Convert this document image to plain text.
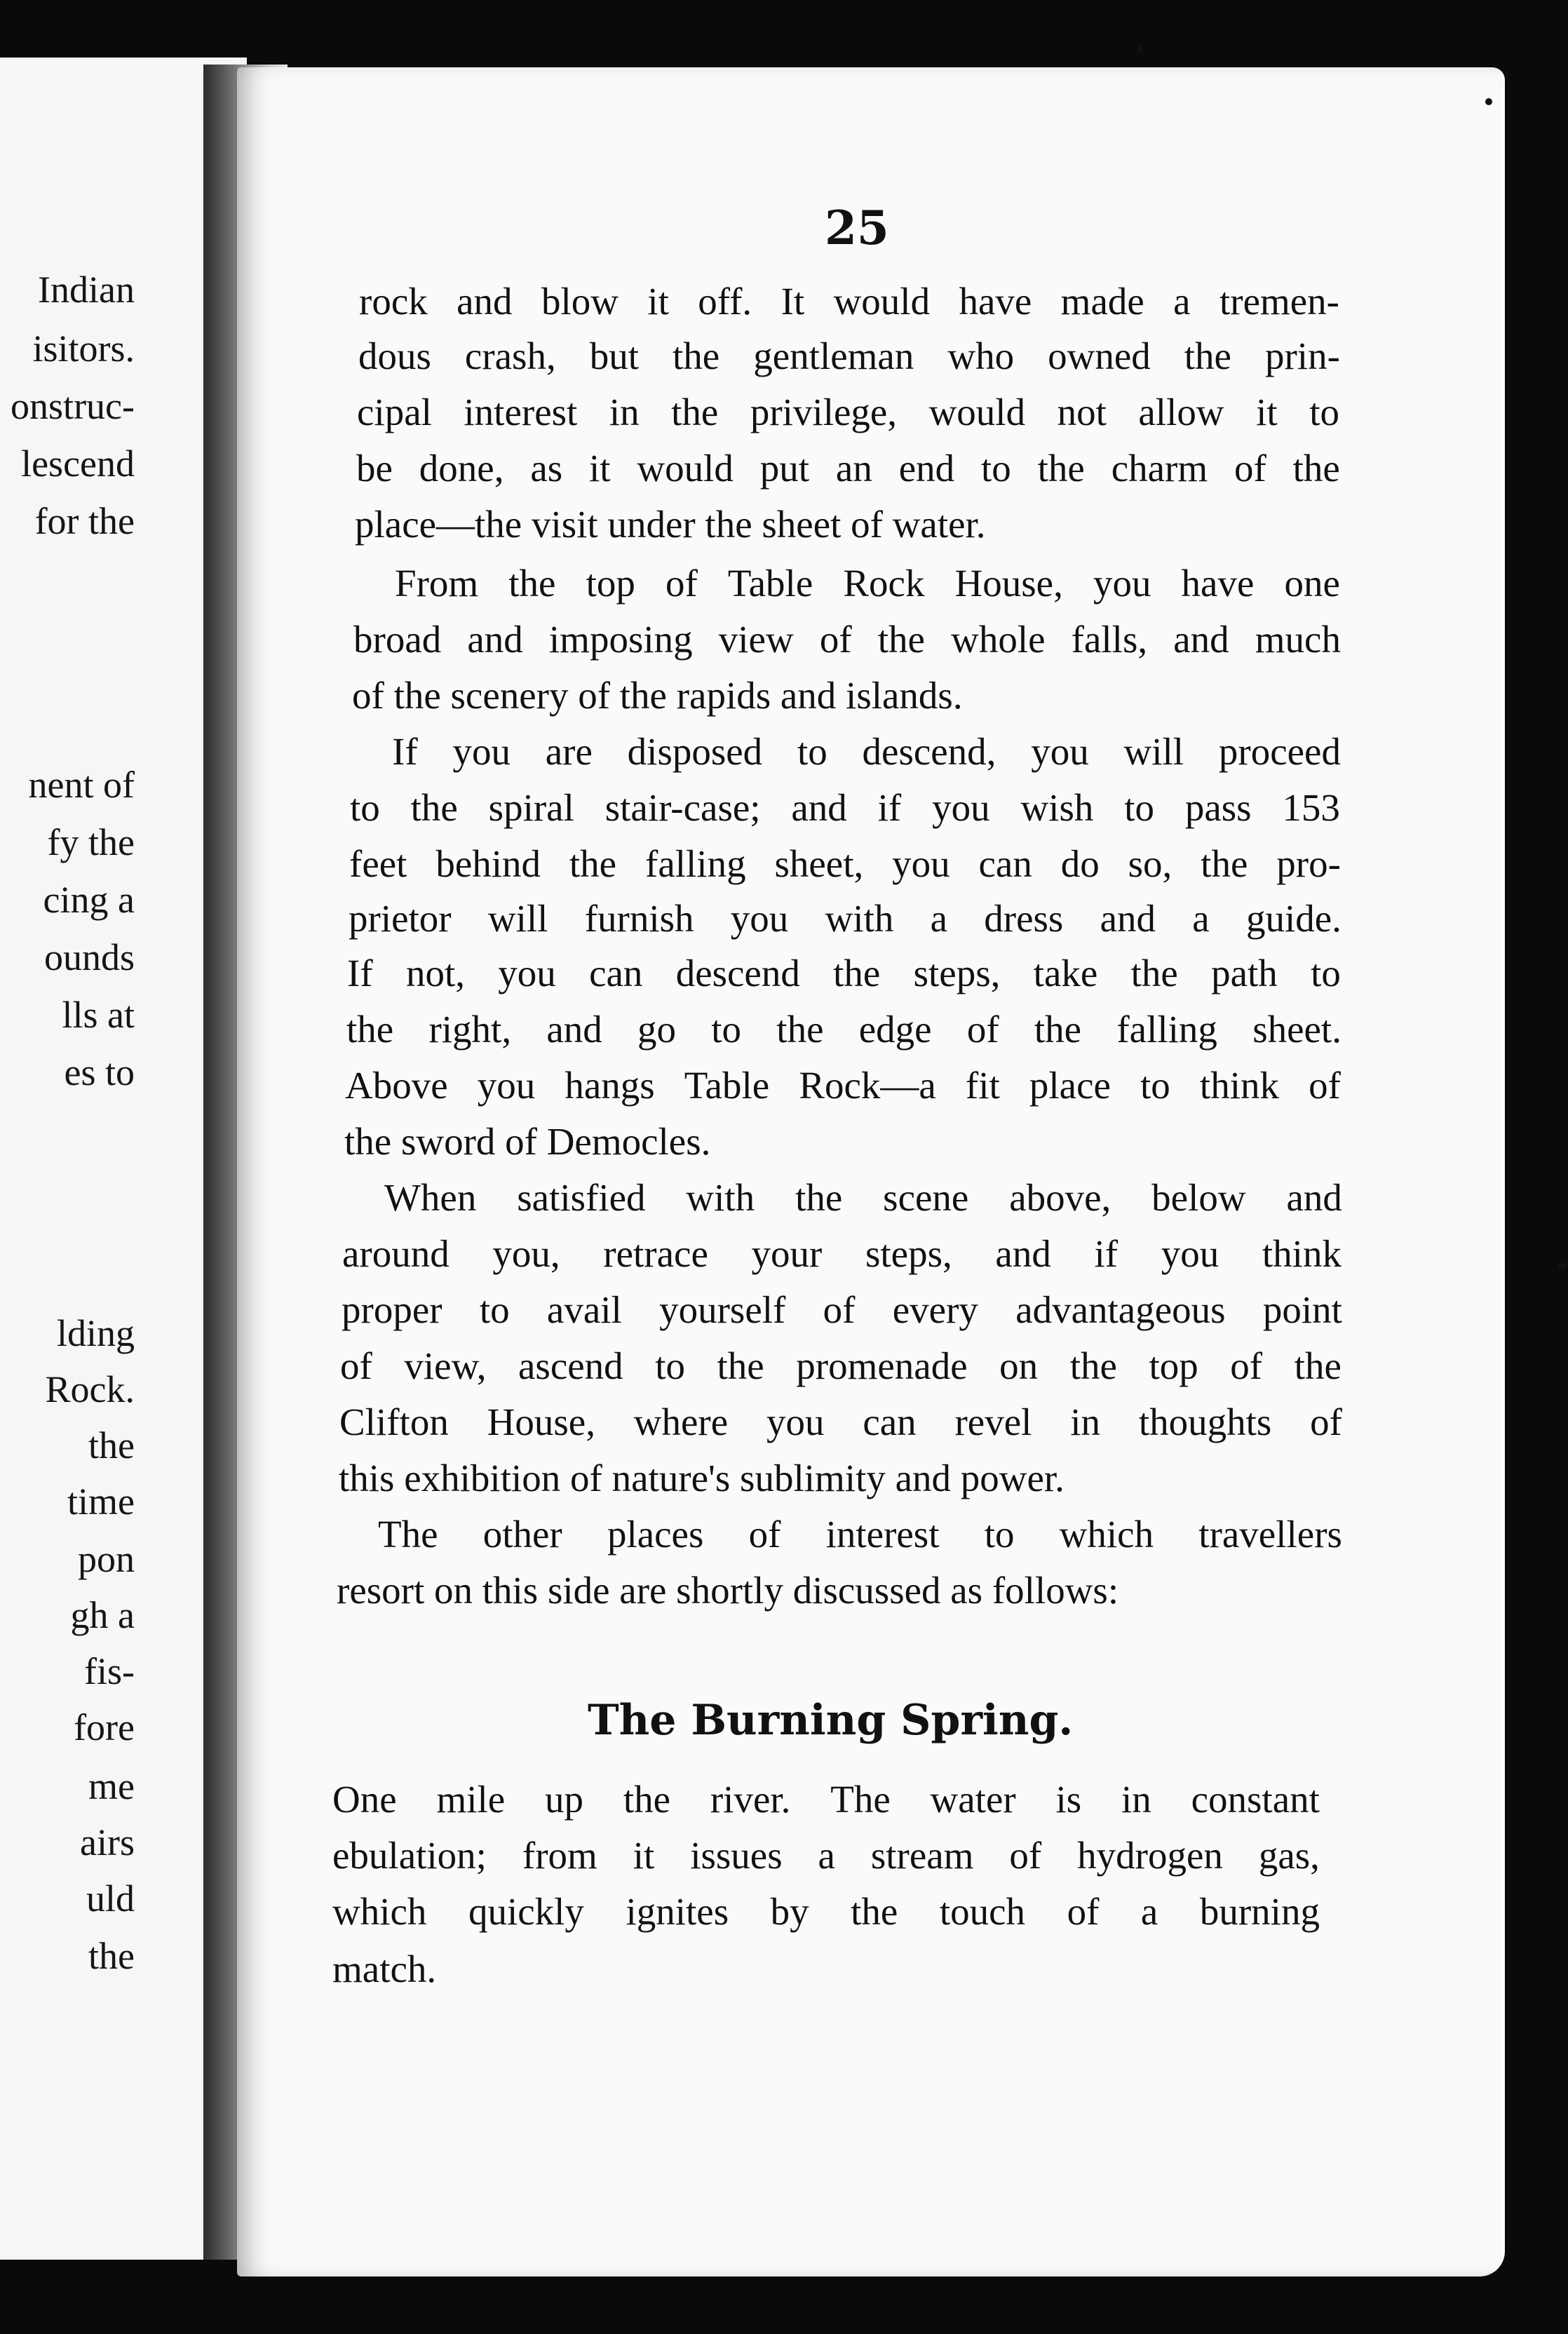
Indian
isitors.
onstruc-
lescend
for the
nent of
fy the
cing a
ounds
lls at
es to
lding
Rock.
the
time
pon
gh a
fis-
fore
me
airs
uld
the
25
rock and blow it off. It would have made a tremen-
dous crash, but the gentleman who owned the prin-
cipal interest in the privilege, would not allow it to
be done, as it would put an end to the charm of the
place—the visit under the sheet of water.
From the top of Table Rock House, you have one
broad and imposing view of the whole falls, and much
of the scenery of the rapids and islands.
If you are disposed to descend, you will proceed
to the spiral stair-case; and if you wish to pass 153
feet behind the falling sheet, you can do so, the pro-
prietor will furnish you with a dress and a guide.
If not, you can descend the steps, take the path to
the right, and go to the edge of the falling sheet.
Above you hangs Table Rock—a fit place to think of
the sword of Democles.
When satisfied with the scene above, below and
around you, retrace your steps, and if you think
proper to avail yourself of every advantageous point
of view, ascend to the promenade on the top of the
Clifton House, where you can revel in thoughts of
this exhibition of nature's sublimity and power.
The other places of interest to which travellers
resort on this side are shortly discussed as follows:
The Burning Spring.
One mile up the river. The water is in constant
ebulation; from it issues a stream of hydrogen gas,
which quickly ignites by the touch of a burning
match.
